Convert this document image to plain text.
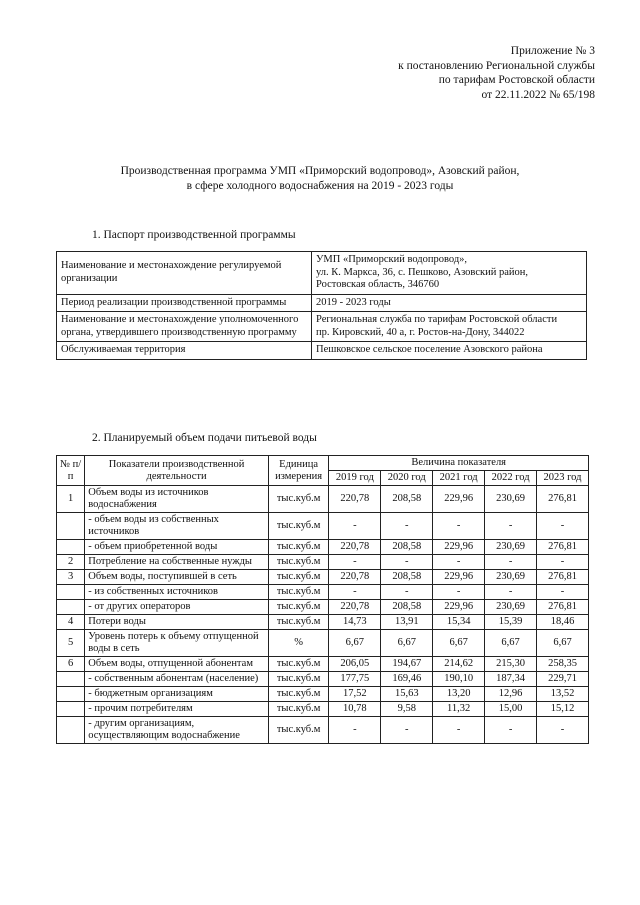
Приложение № 3
к постановлению Региональной службы
по тарифам Ростовской области
от 22.11.2022 № 65/198
Производственная программа УМП «Приморский водопровод», Азовский район,
в сфере холодного водоснабжения на 2019 - 2023 годы
1. Паспорт производственной программы
Наименование и местонахождение регулируемой организации	УМП «Приморский водопровод»,
ул. К. Маркса, 36, с. Пешково, Азовский район,
Ростовская область, 346760

Период реализации производственной программы	2019 - 2023 годы

Наименование и местонахождение уполномоченного органа, утвердившего производственную программу	Региональная служба по тарифам Ростовской области
пр. Кировский, 40 а, г. Ростов-на-Дону, 344022

Обслуживаемая территория	Пешковское сельское поселение Азовского района
2. Планируемый объем подачи питьевой воды
№ п/п	Показатели производственной деятельности	Единица измерения	Величина показателя				
			2019 год	2020 год	2021 год	2022 год	2023 год
1	Объем воды из источников водоснабжения	тыс.куб.м	220,78	208,58	229,96	230,69	276,81
	- объем воды из собственных источников	тыс.куб.м	-	-	-	-	-
	- объем приобретенной воды	тыс.куб.м	220,78	208,58	229,96	230,69	276,81
2	Потребление на собственные нужды	тыс.куб.м	-	-	-	-	-
3	Объем воды, поступившей в сеть	тыс.куб.м	220,78	208,58	229,96	230,69	276,81
	- из собственных источников	тыс.куб.м	-	-	-	-	-
	- от других операторов	тыс.куб.м	220,78	208,58	229,96	230,69	276,81
4	Потери воды	тыс.куб.м	14,73	13,91	15,34	15,39	18,46
5	Уровень потерь к объему отпущенной воды в сеть	%	6,67	6,67	6,67	6,67	6,67
6	Объем воды, отпущенной абонентам	тыс.куб.м	206,05	194,67	214,62	215,30	258,35
	- собственным абонентам (население)	тыс.куб.м	177,75	169,46	190,10	187,34	229,71
	- бюджетным организациям	тыс.куб.м	17,52	15,63	13,20	12,96	13,52
	- прочим потребителям	тыс.куб.м	10,78	9,58	11,32	15,00	15,12
	- другим организациям, осуществляющим водоснабжение	тыс.куб.м	-	-	-	-	-
